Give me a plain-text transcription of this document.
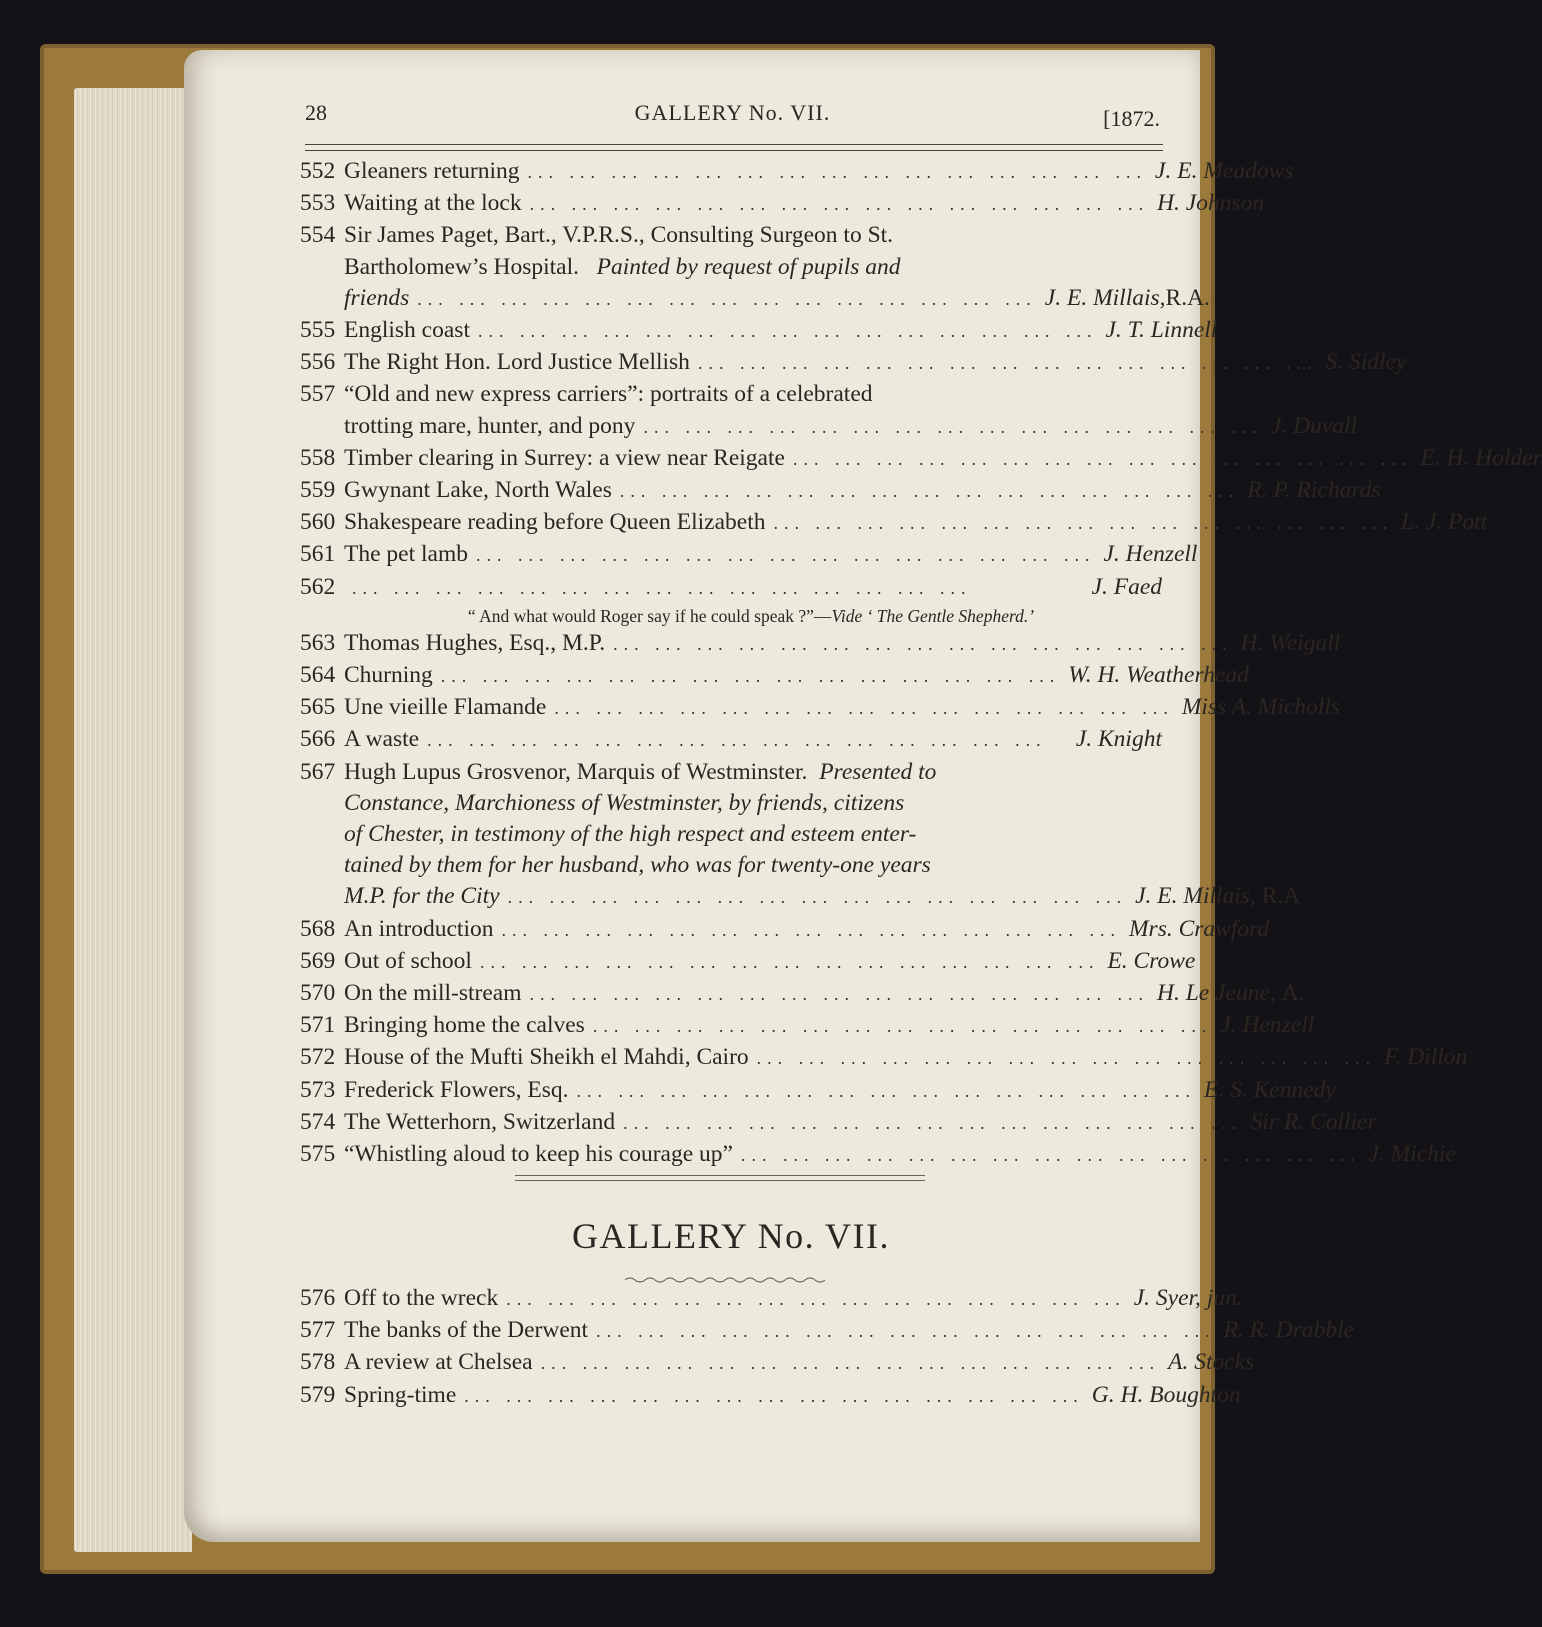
28	GALLERY No. VII.	[1872.
552 Gleaners returning ... ... ... ... ... ... ... ... ... ... ... ... ... ... ... J. E. Meadows
553 Waiting at the lock ... ... ... ... ... ... ... ... ... ... ... ... ... ... ... H. Johnson
554 Sir James Paget, Bart., V.P.R.S., Consulting Surgeon to St.
Bartholomew’s Hospital. Painted by request of pupils and
friends ... ... ... ... ... ... ... ... ... ... ... ... ... ... ... J. E. Millais,R.A.
555 English coast ... ... ... ... ... ... ... ... ... ... ... ... ... ... ... J. T. Linnell
556 The Right Hon. Lord Justice Mellish ... ... ... ... ... ... ... ... ... ... ... ... ... ... ... S. Sidley
557 “Old and new express carriers”: portraits of a celebrated
trotting mare, hunter, and pony ... ... ... ... ... ... ... ... ... ... ... ... ... ... ... J. Duvall
558 Timber clearing in Surrey: a view near Reigate ... ... ... ... ... ... ... ... ... ... ... ... ... ... ... E. H. Holder
559 Gwynant Lake, North Wales ... ... ... ... ... ... ... ... ... ... ... ... ... ... ... R. P. Richards
560 Shakespeare reading before Queen Elizabeth ... ... ... ... ... ... ... ... ... ... ... ... ... ... ... L. J. Pott
561 The pet lamb ... ... ... ... ... ... ... ... ... ... ... ... ... ... ... J. Henzell
562 ... ... ... ... ... ... ... ... ... ... ... ... ... ... ...	J. Faed
“ And what would Roger say if he could speak ?”—Vide ‘ The Gentle Shepherd.’
563 Thomas Hughes, Esq., M.P. ... ... ... ... ... ... ... ... ... ... ... ... ... ... ... H. Weigall
564 Churning ... ... ... ... ... ... ... ... ... ... ... ... ... ... ... W. H. Weatherhead
565 Une vieille Flamande ... ... ... ... ... ... ... ... ... ... ... ... ... ... ... Miss A. Micholls
566 A waste ... ... ... ... ... ... ... ... ... ... ... ... ... ... ...	J. Knight
567 Hugh Lupus Grosvenor, Marquis of Westminster.
Presented to
Constance, Marchioness of Westminster, by friends, citizens
of Chester, in testimony of the high respect and esteem enter-
tained by them for her husband, who was for twenty-one years
M.P. for the City ... ... ... ... ... ... ... ... ... ... ... ... ... ... ... J. E. Millais, R.A
568 An introduction ... ... ... ... ... ... ... ... ... ... ... ... ... ... ... Mrs. Crawford
569 Out of school ... ... ... ... ... ... ... ... ... ... ... ... ... ... ... E. Crowe
570 On the mill-stream ... ... ... ... ... ... ... ... ... ... ... ... ... ... ... H. Le Jeune, A.
571 Bringing home the calves ... ... ... ... ... ... ... ... ... ... ... ... ... ... ... J. Henzell
572 House of the Mufti Sheikh el Mahdi, Cairo ... ... ... ... ... ... ... ... ... ... ... ... ... ... ... F. Dillon
573 Frederick Flowers, Esq. ... ... ... ... ... ... ... ... ... ... ... ... ... ... ... E. S. Kennedy
574 The Wetterhorn, Switzerland ... ... ... ... ... ... ... ... ... ... ... ... ... ... ... Sir R. Collier
575 “Whistling aloud to keep his courage up” ... ... ... ... ... ... ... ... ... ... ... ... ... ... ... J. Michie
GALLERY No. VII.
576 Off to the wreck ... ... ... ... ... ... ... ... ... ... ... ... ... ... ... J. Syer, jun.
577 The banks of the Derwent ... ... ... ... ... ... ... ... ... ... ... ... ... ... ... R. R. Drabble
578 A review at Chelsea ... ... ... ... ... ... ... ... ... ... ... ... ... ... ... A. Stocks
579 Spring-time ... ... ... ... ... ... ... ... ... ... ... ... ... ... ... G. H. Boughton
